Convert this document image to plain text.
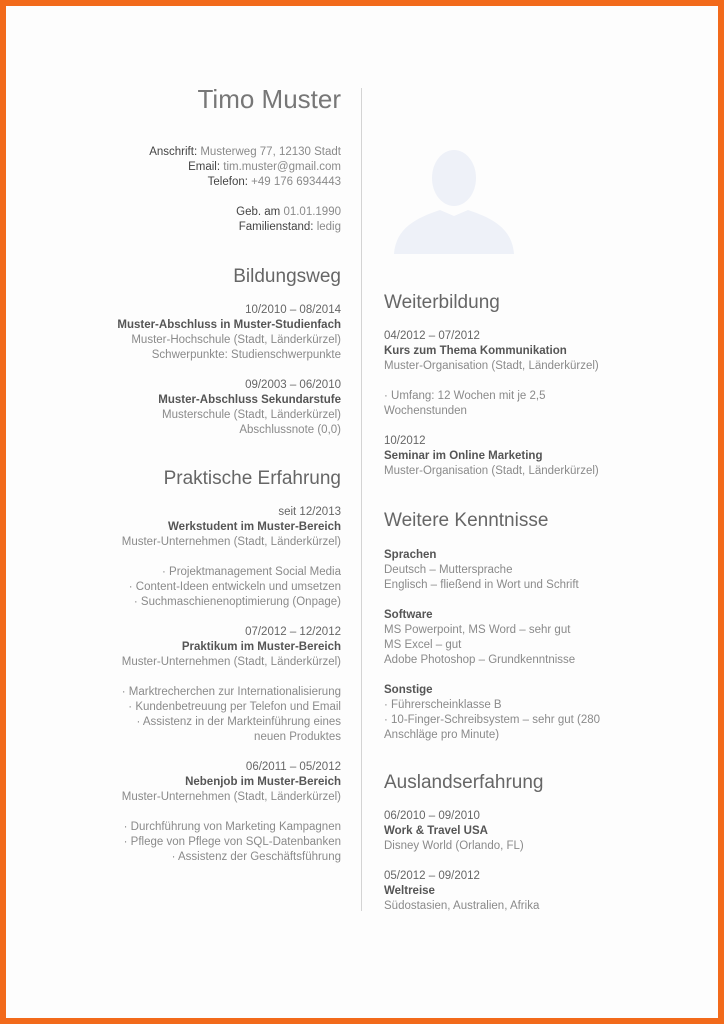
Timo Muster

Anschrift: Musterweg 77, 12130 Stadt

Email: tim.muster@gmail.com

Telefon: +49 176 6934443

Geb. am 01.01.1990

Familienstand: ledig

Bildungsweg

10/2010 – 08/2014

Muster-Abschluss in Muster-Studienfach

Muster-Hochschule (Stadt, Länderkürzel)

Schwerpunkte: Studienschwerpunkte

09/2003 – 06/2010

Muster-Abschluss Sekundarstufe

Musterschule (Stadt, Länderkürzel)

Abschlussnote (0,0)

Praktische Erfahrung

seit 12/2013

Werkstudent im Muster-Bereich

Muster-Unternehmen (Stadt, Länderkürzel)

· Projektmanagement Social Media

· Content-Ideen entwickeln und umsetzen

· Suchmaschienenoptimierung (Onpage)

07/2012 – 12/2012

Praktikum im Muster-Bereich

Muster-Unternehmen (Stadt, Länderkürzel)

· Marktrecherchen zur Internationalisierung

· Kundenbetreuung per Telefon und Email

· Assistenz in der Markteinführung eines

neuen Produktes

06/2011 – 05/2012

Nebenjob im Muster-Bereich

Muster-Unternehmen (Stadt, Länderkürzel)

· Durchführung von Marketing Kampagnen

· Pflege von Pflege von SQL-Datenbanken

· Assistenz der Geschäftsführung

Weiterbildung

04/2012 – 07/2012

Kurs zum Thema Kommunikation

Muster-Organisation (Stadt, Länderkürzel)

· Umfang: 12 Wochen mit je 2,5

Wochenstunden

10/2012

Seminar im Online Marketing

Muster-Organisation (Stadt, Länderkürzel)

Weitere Kenntnisse

Sprachen

Deutsch – Muttersprache

Englisch – fließend in Wort und Schrift

Software

MS Powerpoint, MS Word – sehr gut

MS Excel – gut

Adobe Photoshop – Grundkenntnisse

Sonstige

· Führerscheinklasse B

· 10-Finger-Schreibsystem – sehr gut (280

Anschläge pro Minute)

Auslandserfahrung

06/2010 – 09/2010

Work & Travel USA

Disney World (Orlando, FL)

05/2012 – 09/2012

Weltreise

Südostasien, Australien, Afrika
